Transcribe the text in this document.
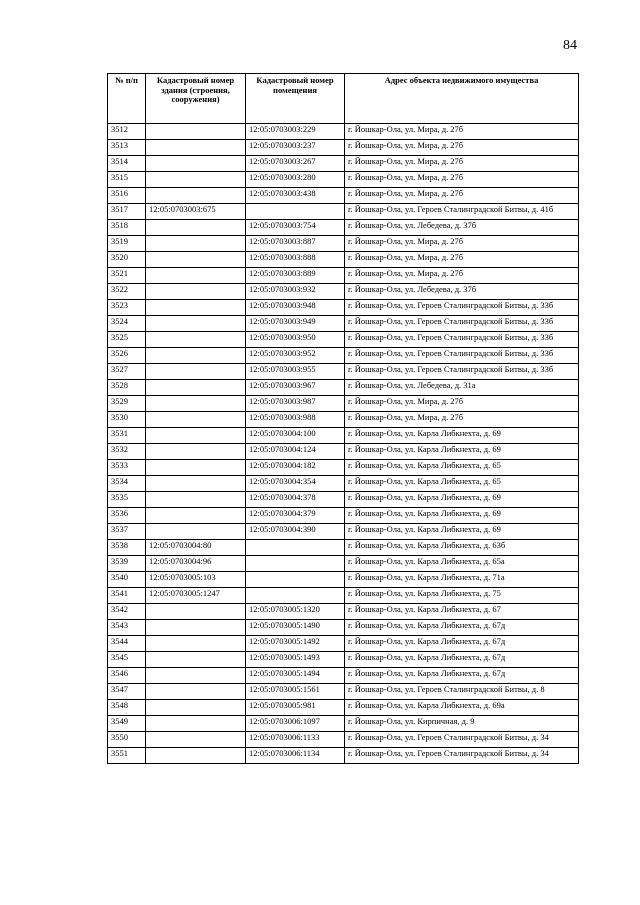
84
№ п/п	Кадастровый номер здания (строения, сооружения)	Кадастровый номер помещения	Адрес объекта недвижимого имущества
3512		12:05:0703003:229	г. Йошкар-Ола, ул. Мира, д. 27б
3513		12:05:0703003:237	г. Йошкар-Ола, ул. Мира, д. 27б
3514		12:05:0703003:267	г. Йошкар-Ола, ул. Мира, д. 27б
3515		12:05:0703003:280	г. Йошкар-Ола, ул. Мира, д. 27б
3516		12:05:0703003:438	г. Йошкар-Ола, ул. Мира, д. 27б
3517	12:05:0703003:675		г. Йошкар-Ола, ул. Героев Сталинградской Битвы, д. 41б
3518		12:05:0703003:754	г. Йошкар-Ола, ул. Лебедева, д. 37б
3519		12:05:0703003:887	г. Йошкар-Ола, ул. Мира, д. 27б
3520		12:05:0703003:888	г. Йошкар-Ола, ул. Мира, д. 27б
3521		12:05:0703003:889	г. Йошкар-Ола, ул. Мира, д. 27б
3522		12:05:0703003:932	г. Йошкар-Ола, ул. Лебедева, д. 37б
3523		12:05:0703003:948	г. Йошкар-Ола, ул. Героев Сталинградской Битвы, д. 33б
3524		12:05:0703003:949	г. Йошкар-Ола, ул. Героев Сталинградской Битвы, д. 33б
3525		12:05:0703003:950	г. Йошкар-Ола, ул. Героев Сталинградской Битвы, д. 33б
3526		12:05:0703003:952	г. Йошкар-Ола, ул. Героев Сталинградской Битвы, д. 33б
3527		12:05:0703003:955	г. Йошкар-Ола, ул. Героев Сталинградской Битвы, д. 33б
3528		12:05:0703003:967	г. Йошкар-Ола, ул. Лебедева, д. 31а
3529		12:05:0703003:987	г. Йошкар-Ола, ул. Мира, д. 27б
3530		12:05:0703003:988	г. Йошкар-Ола, ул. Мира, д. 27б
3531		12:05:0703004:100	г. Йошкар-Ола, ул. Карла Либкнехта, д. 69
3532		12:05:0703004:124	г. Йошкар-Ола, ул. Карла Либкнехта, д. 69
3533		12:05:0703004:182	г. Йошкар-Ола, ул. Карла Либкнехта, д. 65
3534		12:05:0703004:354	г. Йошкар-Ола, ул. Карла Либкнехта, д. 65
3535		12:05:0703004:378	г. Йошкар-Ола, ул. Карла Либкнехта, д. 69
3536		12:05:0703004:379	г. Йошкар-Ола, ул. Карла Либкнехта, д. 69
3537		12:05:0703004:390	г. Йошкар-Ола, ул. Карла Либкнехта, д. 69
3538	12:05:0703004:80		г. Йошкар-Ола, ул. Карла Либкнехта, д. 63б
3539	12:05:0703004:96		г. Йошкар-Ола, ул. Карла Либкнехта, д. 65а
3540	12:05:0703005:103		г. Йошкар-Ола, ул. Карла Либкнехта, д. 71а
3541	12:05:0703005:1247		г. Йошкар-Ола, ул. Карла Либкнехта, д. 75
3542		12:05:0703005:1320	г. Йошкар-Ола, ул. Карла Либкнехта, д. 67
3543		12:05:0703005:1490	г. Йошкар-Ола, ул. Карла Либкнехта, д. 67д
3544		12:05:0703005:1492	г. Йошкар-Ола, ул. Карла Либкнехта, д. 67д
3545		12:05:0703005:1493	г. Йошкар-Ола, ул. Карла Либкнехта, д. 67д
3546		12:05:0703005:1494	г. Йошкар-Ола, ул. Карла Либкнехта, д. 67д
3547		12:05:0703005:1561	г. Йошкар-Ола, ул. Героев Сталинградской Битвы, д. 8
3548		12:05:0703005:981	г. Йошкар-Ола, ул. Карла Либкнехта, д. 69а
3549		12:05:0703006:1097	г. Йошкар-Ола, ул. Кирпичная, д. 9
3550		12:05:0703006:1133	г. Йошкар-Ола, ул. Героев Сталинградской Битвы, д. 34
3551		12:05:0703006:1134	г. Йошкар-Ола, ул. Героев Сталинградской Битвы, д. 34
